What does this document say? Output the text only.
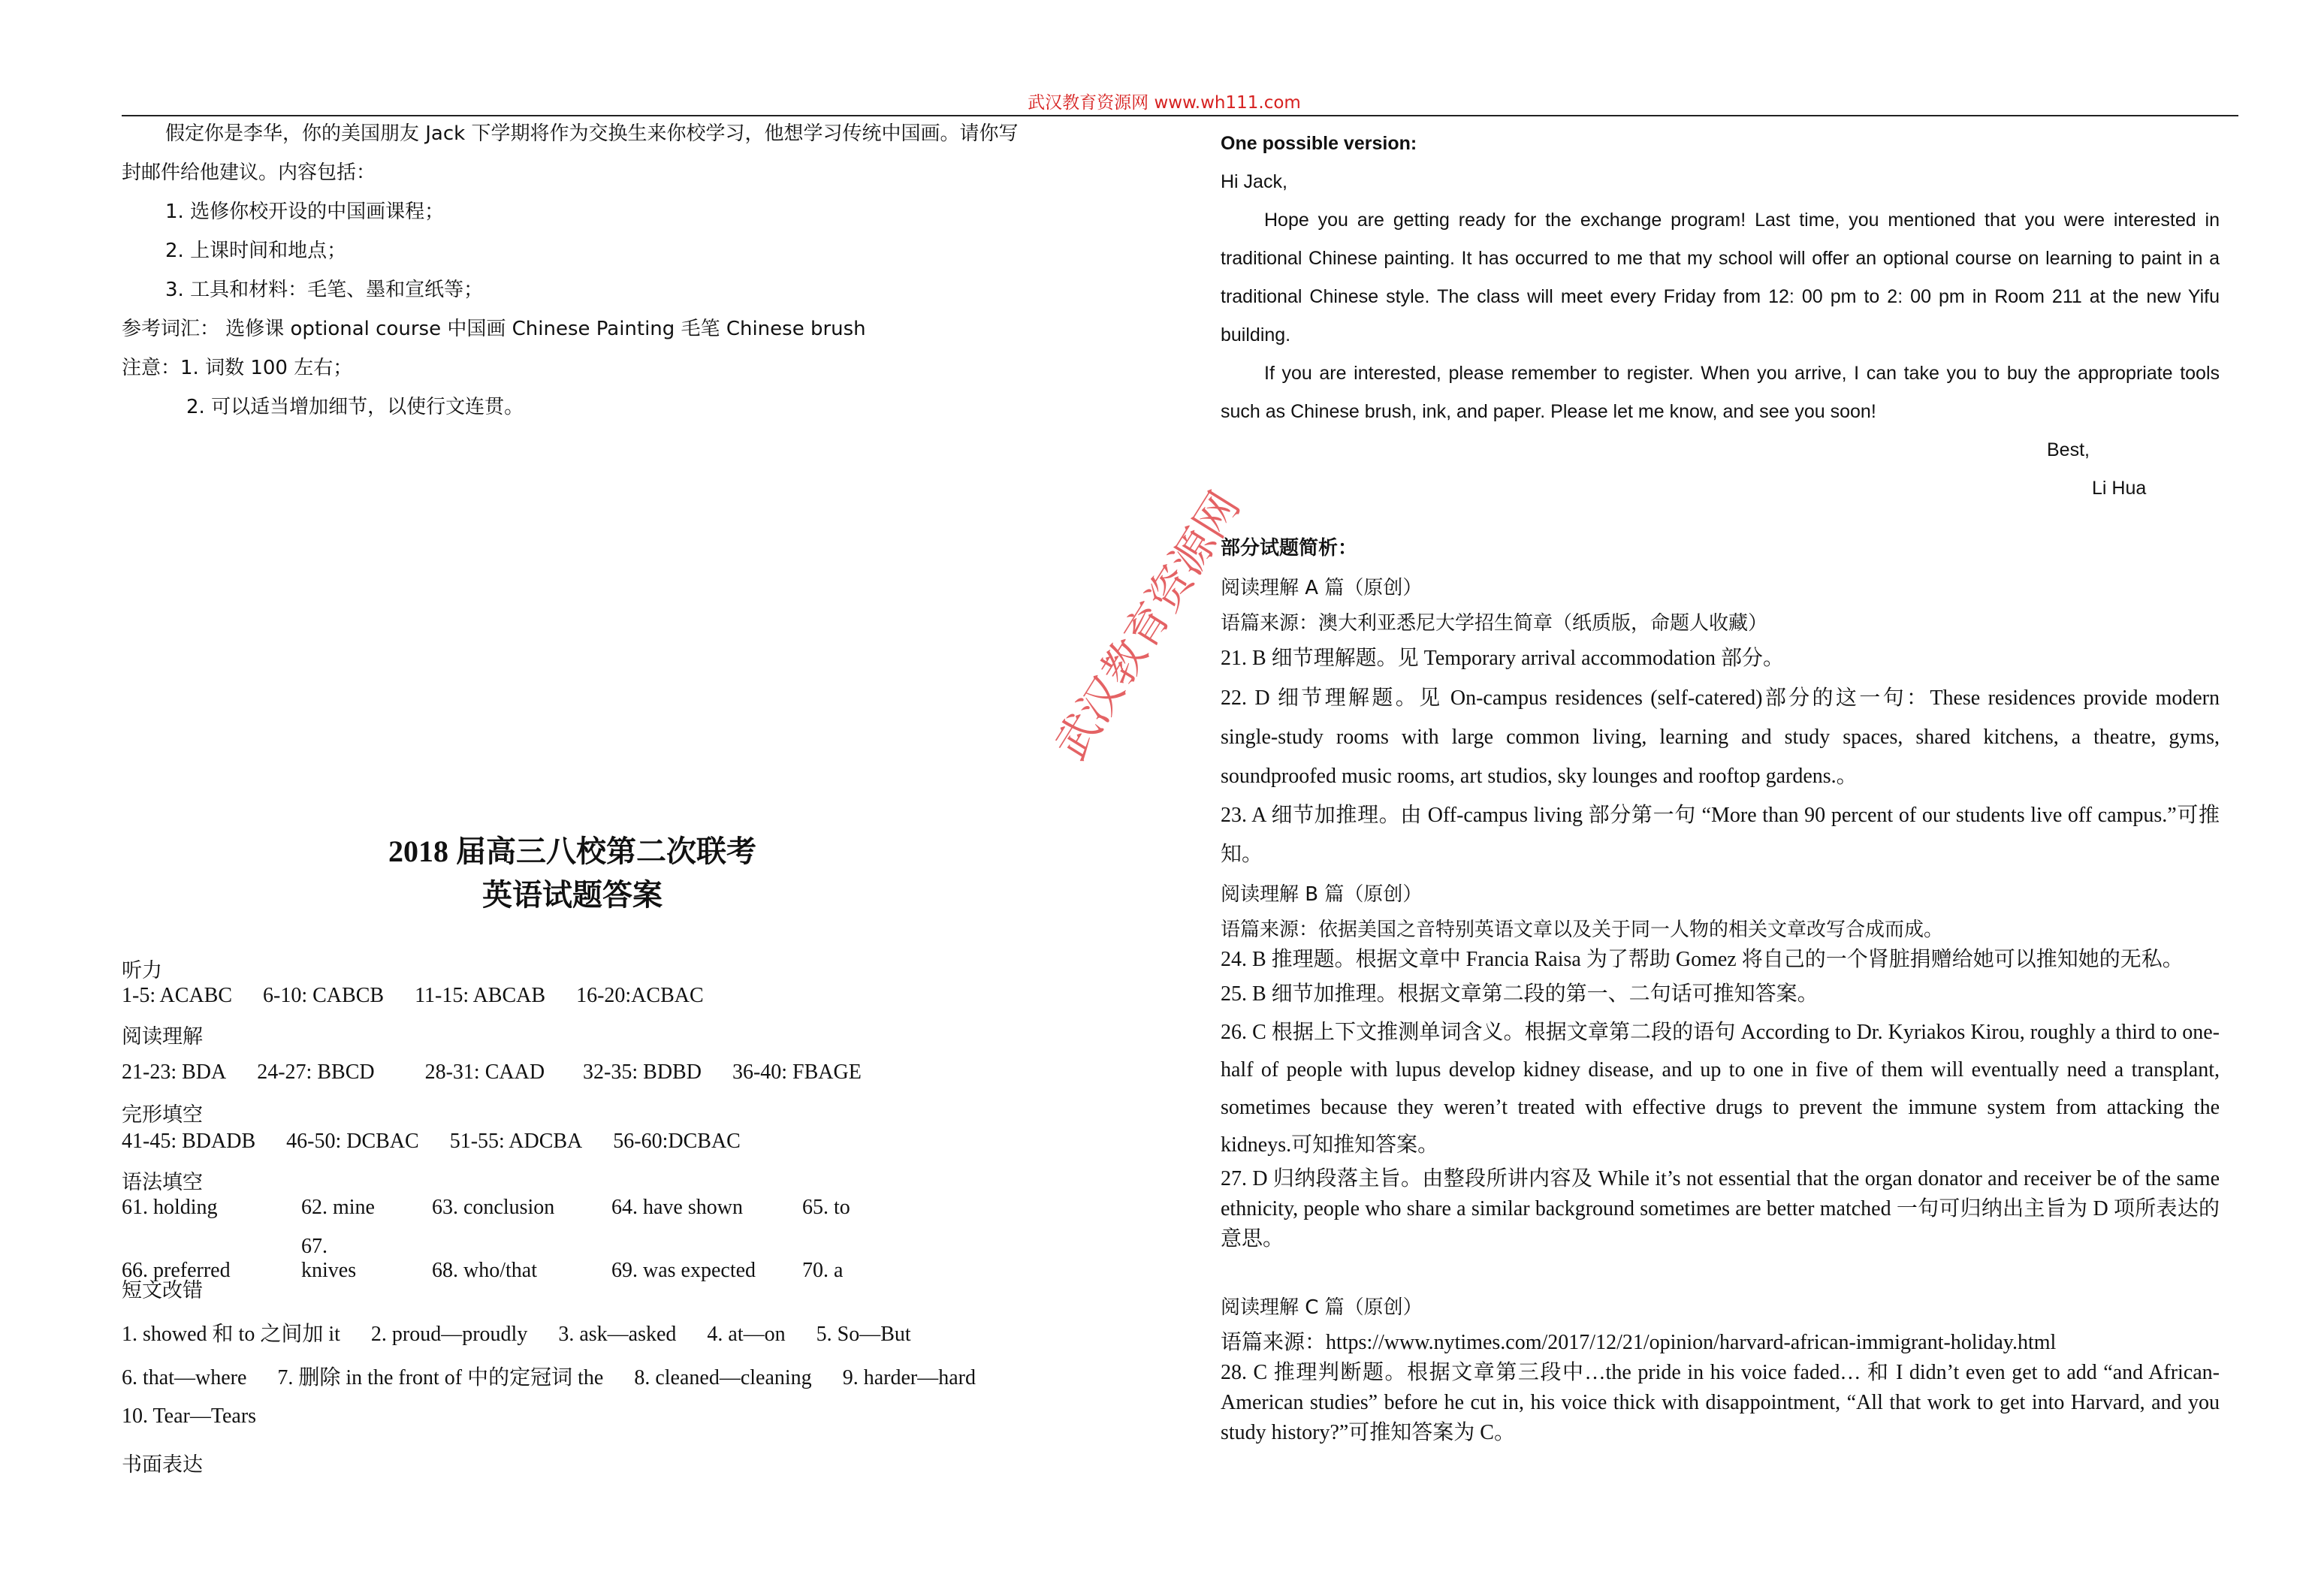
武汉教育资源网 www.wh111.com

假定你是李华，你的美国朋友 Jack 下学期将作为交换生来你校学习，他想学习传统中国画。请你写

封邮件给他建议。内容包括：

1. 选修你校开设的中国画课程；

2. 上课时间和地点；

3. 工具和材料：毛笔、墨和宣纸等；

参考词汇： 选修课 optional course 中国画 Chinese Painting 毛笔 Chinese brush

注意：1. 词数 100 左右；

2. 可以适当增加细节，以使行文连贯。

2018 届高三八校第二次联考
英语试题答案
听力
1-5: ACABC 6-10: CABCB 11-15: ABCAB 16-20:ACBAC
阅读理解
21-23: BDA 24-27: BBCD 28-31: CAAD 32-35: BDBD 36-40: FBAGE
完形填空
41-45: BDADB 46-50: DCBAC 51-55: ADCBA 56-60:DCBAC
语法填空
61. holding	62. mine	63. conclusion	64. have shown	65. to
66. preferred 67. knives	68. who/that	69. was expected 70. a
短文改错
1. showed 和 to 之间加 it 2. proud—proudly 3. ask—asked 4. at—on 5. So—But
6. that—where 7. 删除 in the front of 中的定冠词 the 8. cleaned—cleaning 9. harder—hard
10. Tear—Tears
书面表达
武汉教育资源网

One possible version:

Hi Jack,

Hope you are getting ready for the exchange program! Last time, you mentioned that you were interested in traditional Chinese painting. It has occurred to me that my school will offer an optional course on learning to paint in a traditional Chinese style. The class will meet every Friday from 12: 00 pm to 2: 00 pm in Room 211 at the new Yifu building.

If you are interested, please remember to register. When you arrive, I can take you to buy the appropriate tools such as Chinese brush, ink, and paper. Please let me know, and see you soon!

Best,

Li Hua

部分试题简析：
阅读理解 A 篇（原创）
语篇来源：澳大利亚悉尼大学招生简章（纸质版，命题人收藏）

21. B 细节理解题。见 Temporary arrival accommodation 部分。

22. D 细节理解题。见 On-campus residences (self-catered)部分的这一句：These residences provide modern single-study rooms with large common living, learning and study spaces, shared kitchens, a theatre, gyms, soundproofed music rooms, art studios, sky lounges and rooftop gardens.。

23. A 细节加推理。由 Off-campus living 部分第一句 “More than 90 percent of our students live off campus.”可推知。

阅读理解 B 篇（原创）
语篇来源：依据美国之音特别英语文章以及关于同一人物的相关文章改写合成而成。

24. B 推理题。根据文章中 Francia Raisa 为了帮助 Gomez 将自己的一个肾脏捐赠给她可以推知她的无私。

25. B 细节加推理。根据文章第二段的第一、二句话可推知答案。

26. C 根据上下文推测单词含义。根据文章第二段的语句 According to Dr. Kyriakos Kirou, roughly a third to one-half of people with lupus develop kidney disease, and up to one in five of them will eventually need a transplant, sometimes because they weren’t treated with effective drugs to prevent the immune system from attacking the kidneys.可知推知答案。

27. D 归纳段落主旨。由整段所讲内容及 While it’s not essential that the organ donator and receiver be of the same ethnicity, people who share a similar background sometimes are better matched 一句可归纳出主旨为 D 项所表达的意思。

阅读理解 C 篇（原创）
语篇来源：https://www.nytimes.com/2017/12/21/opinion/harvard-african-immigrant-holiday.html

28. C 推理判断题。根据文章第三段中…the pride in his voice faded… 和 I didn’t even get to add “and African-American studies” before he cut in, his voice thick with disappointment, “All that work to get into Harvard, and you study history?”可推知答案为 C。
